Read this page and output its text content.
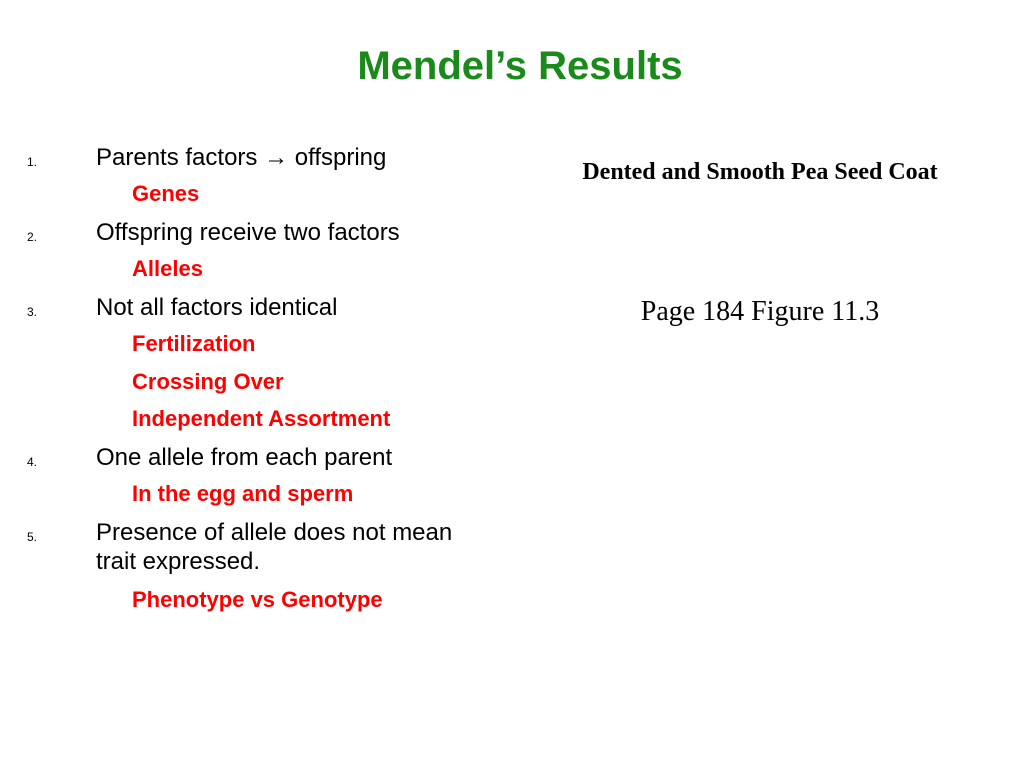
Mendel’s Results
1. Parents factors → offspring
Genes
2. Offspring receive two factors
Alleles
3. Not all factors identical
Fertilization
Crossing Over
Independent Assortment
4. One allele from each parent
In the egg and sperm
5. Presence of allele does not mean trait expressed.
Phenotype vs Genotype
Dented and Smooth Pea Seed Coat
Page 184 Figure 11.3
